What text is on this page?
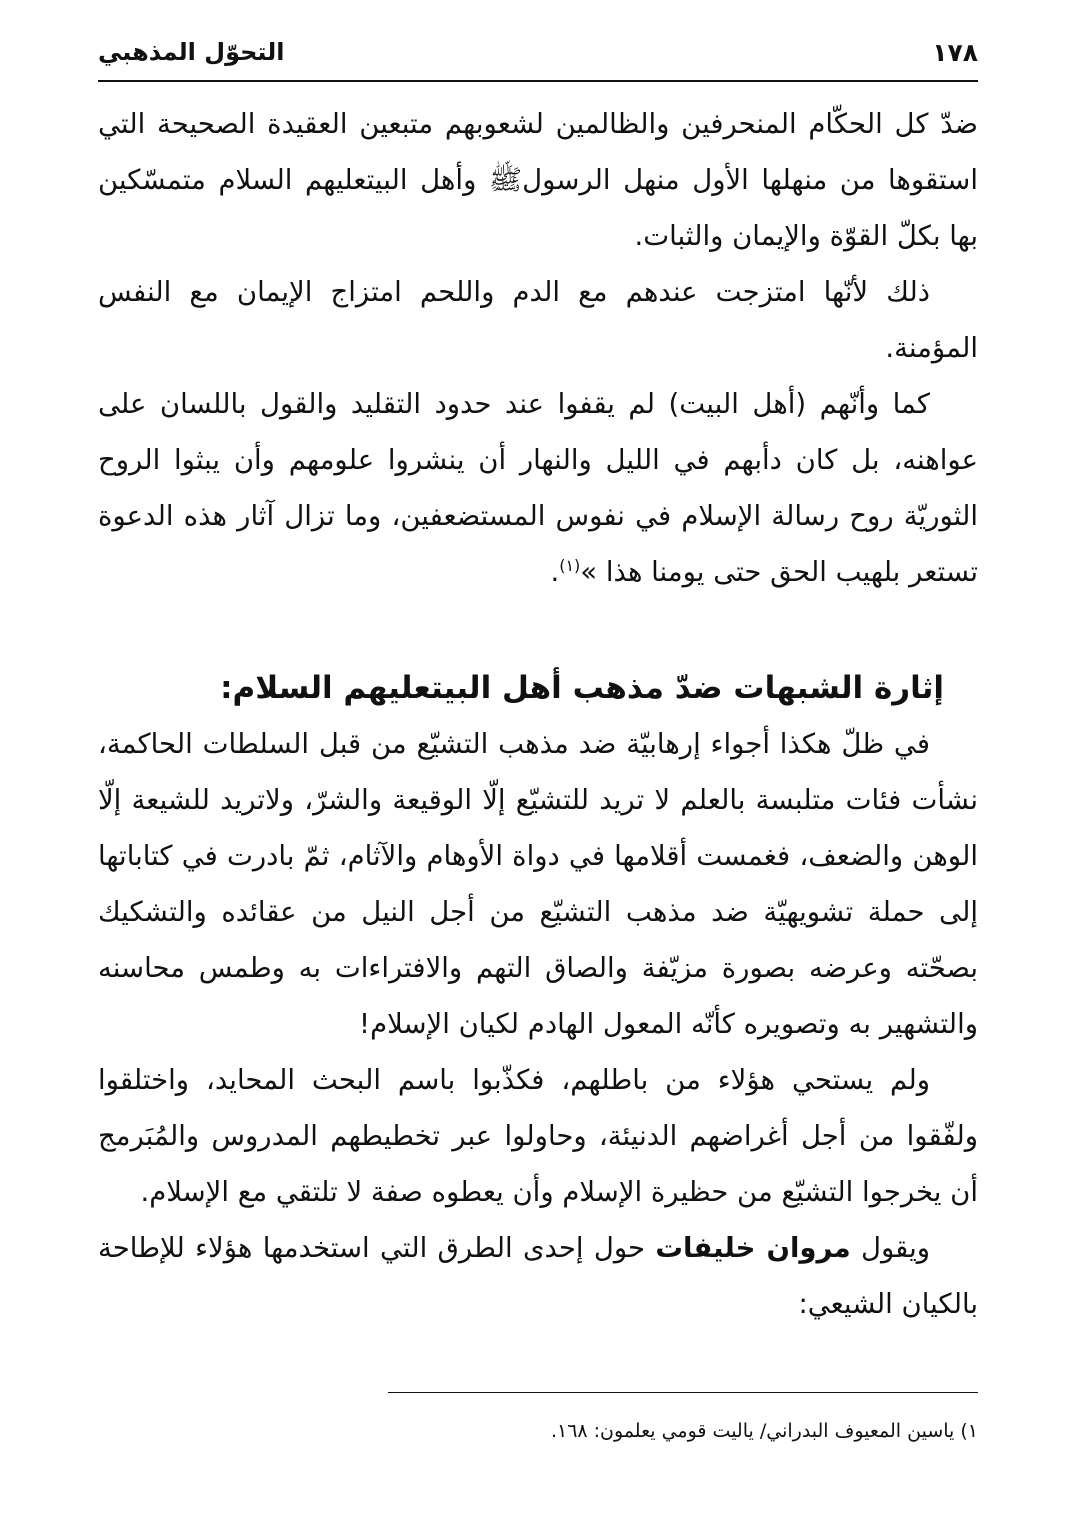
١٧٨
التحوّل المذهبي

ضدّ كل الحكّام المنحرفين والظالمين لشعوبهم متبعين العقيدة الصحيحة التي استقوها من منهلها الأول منهل الرسولﷺ وأهل البيتعليهم السلام متمسّكين بها بكلّ القوّة والإيمان والثبات.

ذلك لأنّها امتزجت عندهم مع الدم واللحم امتزاج الإيمان مع النفس المؤمنة.

كما وأنّهم (أهل البيت) لم يقفوا عند حدود التقليد والقول باللسان على عواهنه، بل كان دأبهم في الليل والنهار أن ينشروا علومهم وأن يبثوا الروح الثوريّة روح رسالة الإسلام في نفوس المستضعفين، وما تزال آثار هذه الدعوة تستعر بلهيب الحق حتى يومنا هذا »$^{(١)}$.

إثارة الشبهات ضدّ مذهب أهل البيتعليهم السلام:

في ظلّ هكذا أجواء إرهابيّة ضد مذهب التشيّع من قبل السلطات الحاكمة، نشأت فئات متلبسة بالعلم لا تريد للتشيّع إلّا الوقيعة والشرّ، ولاتريد للشيعة إلّا الوهن والضعف، فغمست أقلامها في دواة الأوهام والآثام، ثمّ بادرت في كتاباتها إلى حملة تشويهيّة ضد مذهب التشيّع من أجل النيل من عقائده والتشكيك بصحّته وعرضه بصورة مزيّفة والصاق التهم والافتراءات به وطمس محاسنه والتشهير به وتصويره كأنّه المعول الهادم لكيان الإسلام!

ولم يستحي هؤلاء من باطلهم، فكذّبوا باسم البحث المحايد، واختلقوا ولفّقوا من أجل أغراضهم الدنيئة، وحاولوا عبر تخطيطهم المدروس والمُبَرمج أن يخرجوا التشيّع من حظيرة الإسلام وأن يعطوه صفة لا تلتقي مع الإسلام.

ويقول مروان خليفات حول إحدى الطرق التي استخدمها هؤلاء للإطاحة بالكيان الشيعي:

١) ياسين المعيوف البدراني/ ياليت قومي يعلمون: ١٦٨.
